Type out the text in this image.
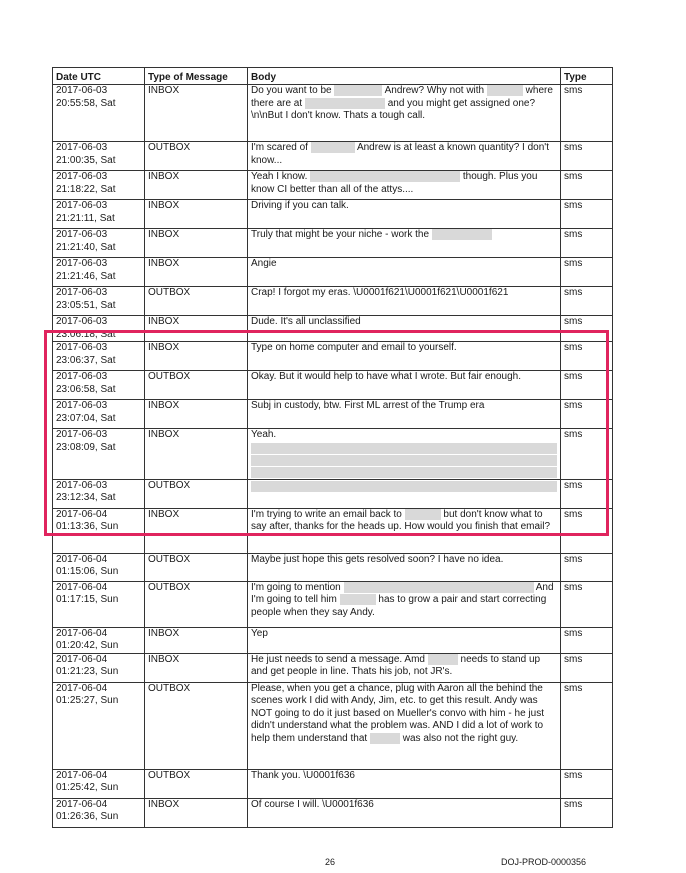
Date UTC	Type of Message	Body	Type

2017-06-03
20:55:58, Sat	INBOX	Do you want to be Andrew? Why not with where there are at and you might get assigned one?\n\nBut I don't know. Thats a tough call.	sms

2017-06-03
21:00:35, Sat	OUTBOX	I'm scared of Andrew is at least a known quantity? I don't know...	sms

2017-06-03
21:18:22, Sat	INBOX	Yeah I know. though. Plus you know CI better than all of the attys....	sms

2017-06-03
21:21:11, Sat	INBOX	Driving if you can talk.	sms

2017-06-03
21:21:40, Sat	INBOX	Truly that might be your niche - work the	sms

2017-06-03
21:21:46, Sat	INBOX	Angie	sms

2017-06-03
23:05:51, Sat	OUTBOX	Crap! I forgot my eras. \U0001f621\U0001f621\U0001f621	sms

2017-06-03
23:06:18, Sat	INBOX	Dude. It's all unclassified	sms

2017-06-03
23:06:37, Sat	INBOX	Type on home computer and email to yourself.	sms

2017-06-03
23:06:58, Sat	OUTBOX	Okay. But it would help to have what I wrote. But fair enough.	sms

2017-06-03
23:07:04, Sat	INBOX	Subj in custody, btw. First ML arrest of the Trump era	sms

2017-06-03
23:08:09, Sat	INBOX	Yeah.	sms

2017-06-03
23:12:34, Sat	OUTBOX		sms

2017-06-04
01:13:36, Sun	INBOX	I'm trying to write an email back to but don't know what to say after, thanks for the heads up. How would you finish that email?	sms

2017-06-04
01:15:06, Sun	OUTBOX	Maybe just hope this gets resolved soon? I have no idea.	sms

2017-06-04
01:17:15, Sun	OUTBOX	I'm going to mention And I'm going to tell him has to grow a pair and start correcting people when they say Andy.	sms

2017-06-04
01:20:42, Sun	INBOX	Yep	sms

2017-06-04
01:21:23, Sun	INBOX	He just needs to send a message. Amd needs to stand up and get people in line. Thats his job, not JR's.	sms

2017-06-04
01:25:27, Sun	OUTBOX	Please, when you get a chance, plug with Aaron all the behind the scenes work I did with Andy, Jim, etc. to get this result. Andy was NOT going to do it just based on Mueller's convo with him - he just didn't understand what the problem was. AND I did a lot of work to help them understand that was also not the right guy.	sms

2017-06-04
01:25:42, Sun	OUTBOX	Thank you. \U0001f636	sms

2017-06-04
01:26:36, Sun	INBOX	Of course I will. \U0001f636	sms
26	DOJ-PROD-0000356
